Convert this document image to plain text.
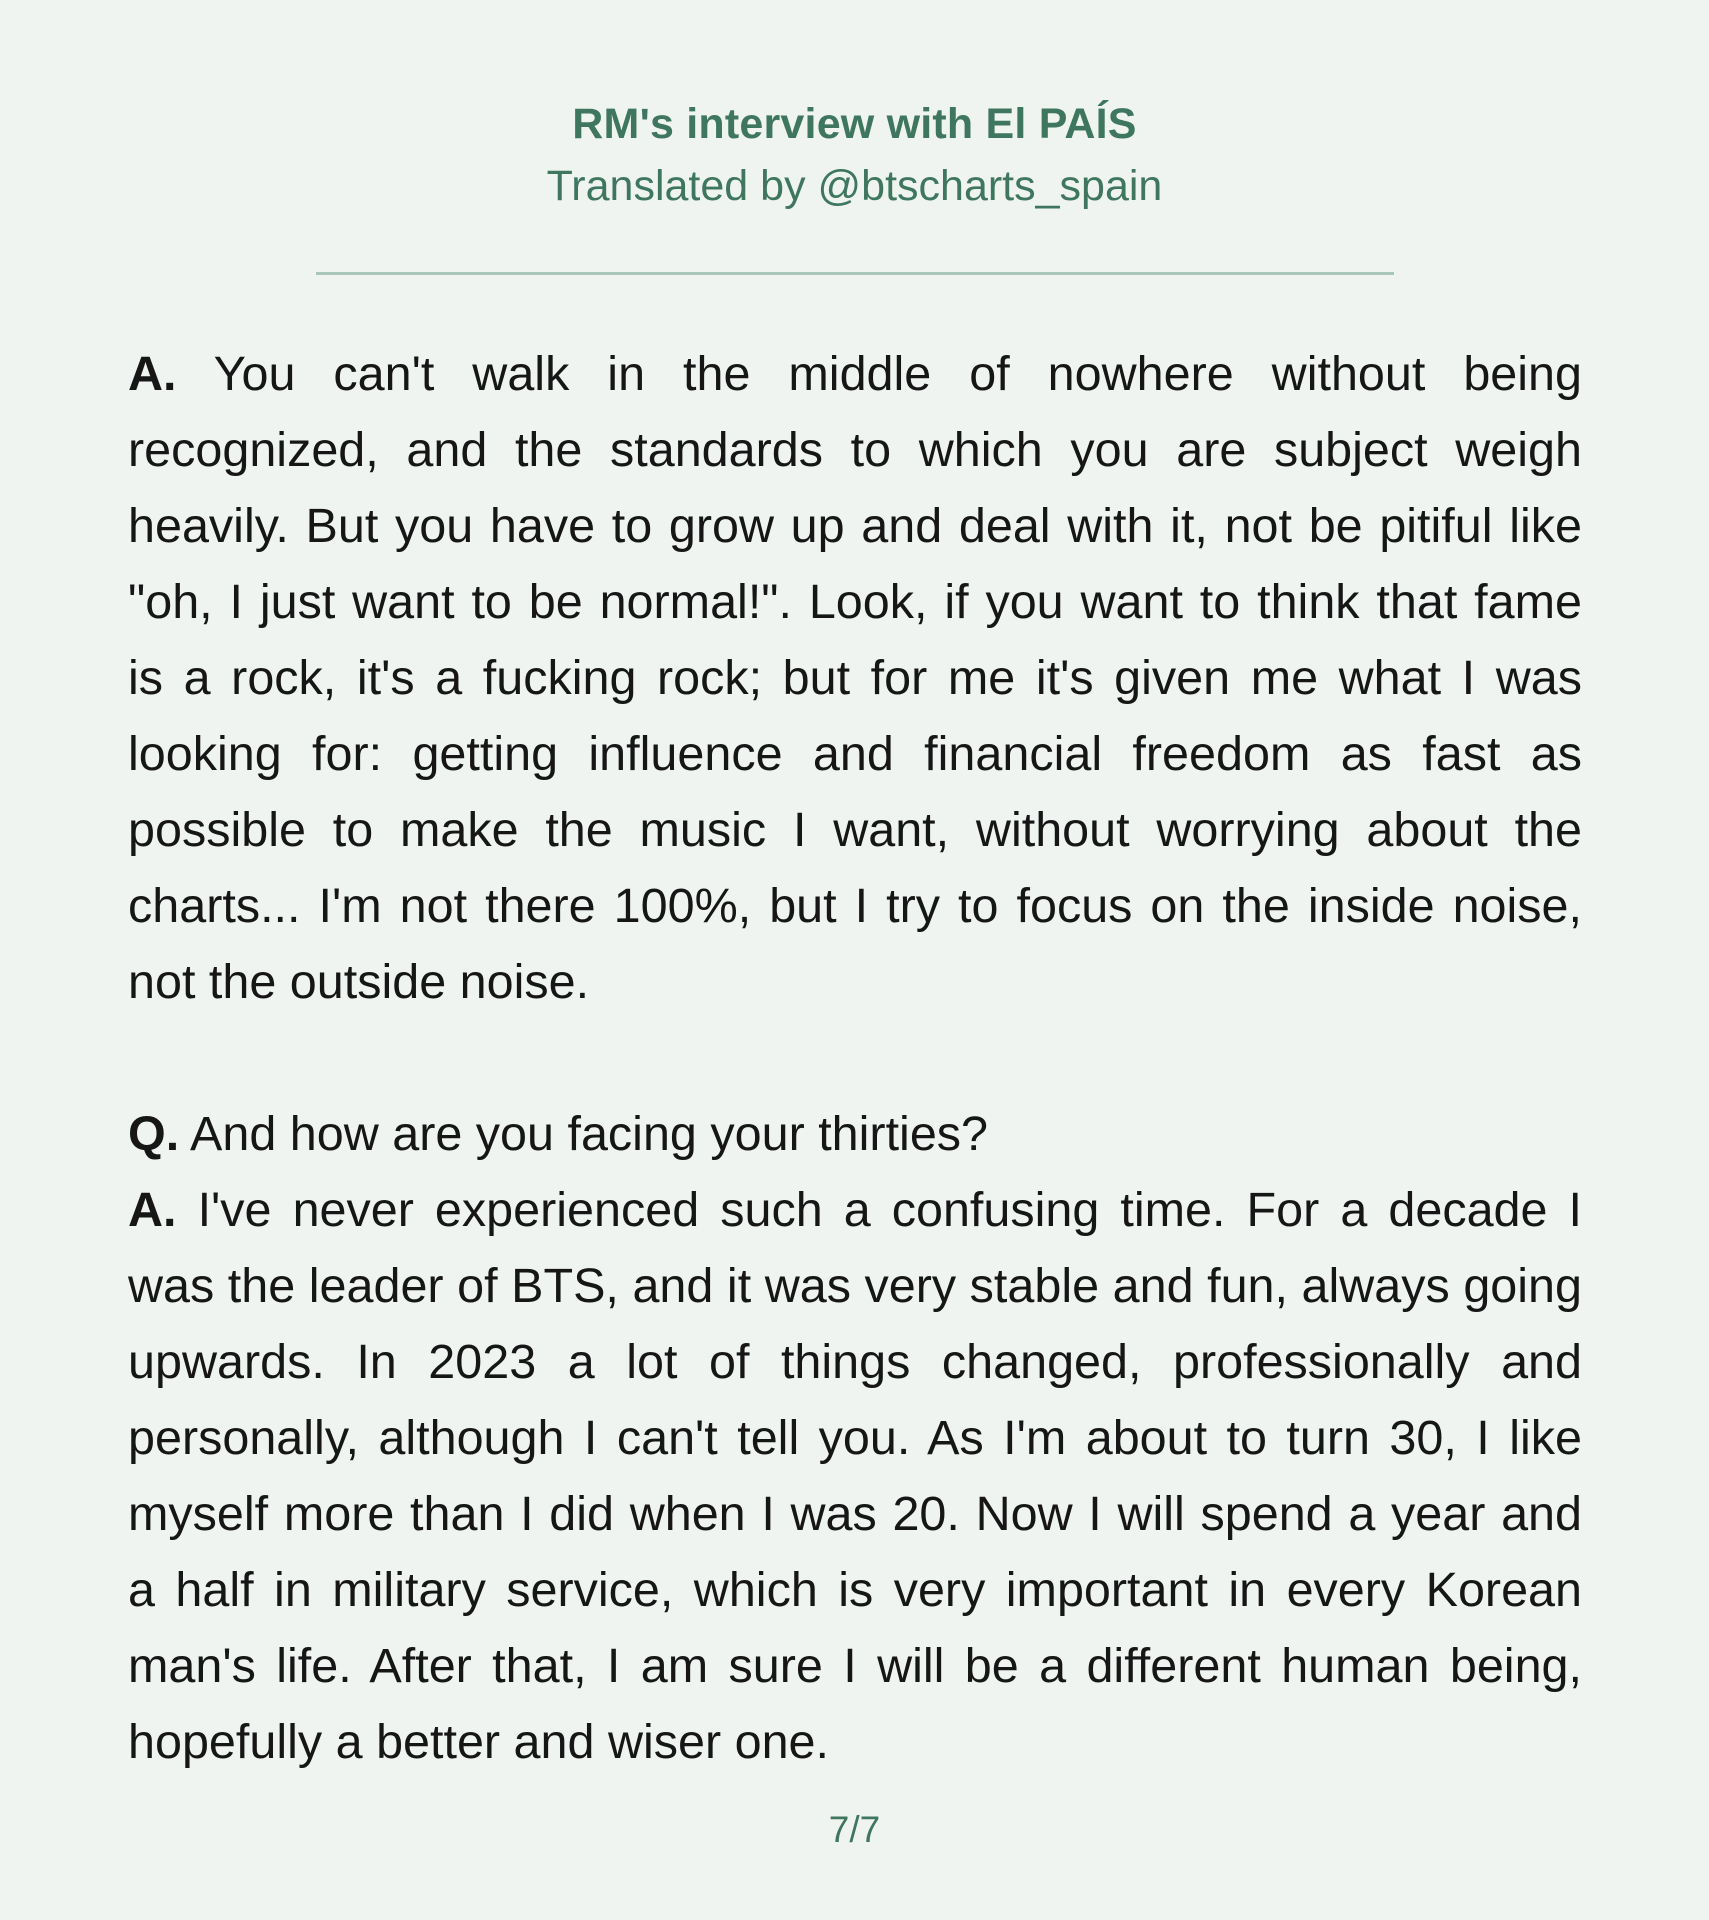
RM's interview with El PAÍS
Translated by @btscharts_spain

A. You can't walk in the middle of nowhere without being recognized, and the standards to which you are subject weigh heavily. But you have to grow up and deal with it, not be pitiful like "oh, I just want to be normal!". Look, if you want to think that fame is a rock, it's a fucking rock; but for me it's given me what I was looking for: getting influence and financial freedom as fast as possible to make the music I want, without worrying about the charts... I'm not there 100%, but I try to focus on the inside noise, not the outside noise.

Q. And how are you facing your thirties?

A. I've never experienced such a confusing time. For a decade I was the leader of BTS, and it was very stable and fun, always going upwards. In 2023 a lot of things changed, professionally and personally, although I can't tell you. As I'm about to turn 30, I like myself more than I did when I was 20. Now I will spend a year and a half in military service, which is very important in every Korean man's life. After that, I am sure I will be a different human being, hopefully a better and wiser one.

7/7
